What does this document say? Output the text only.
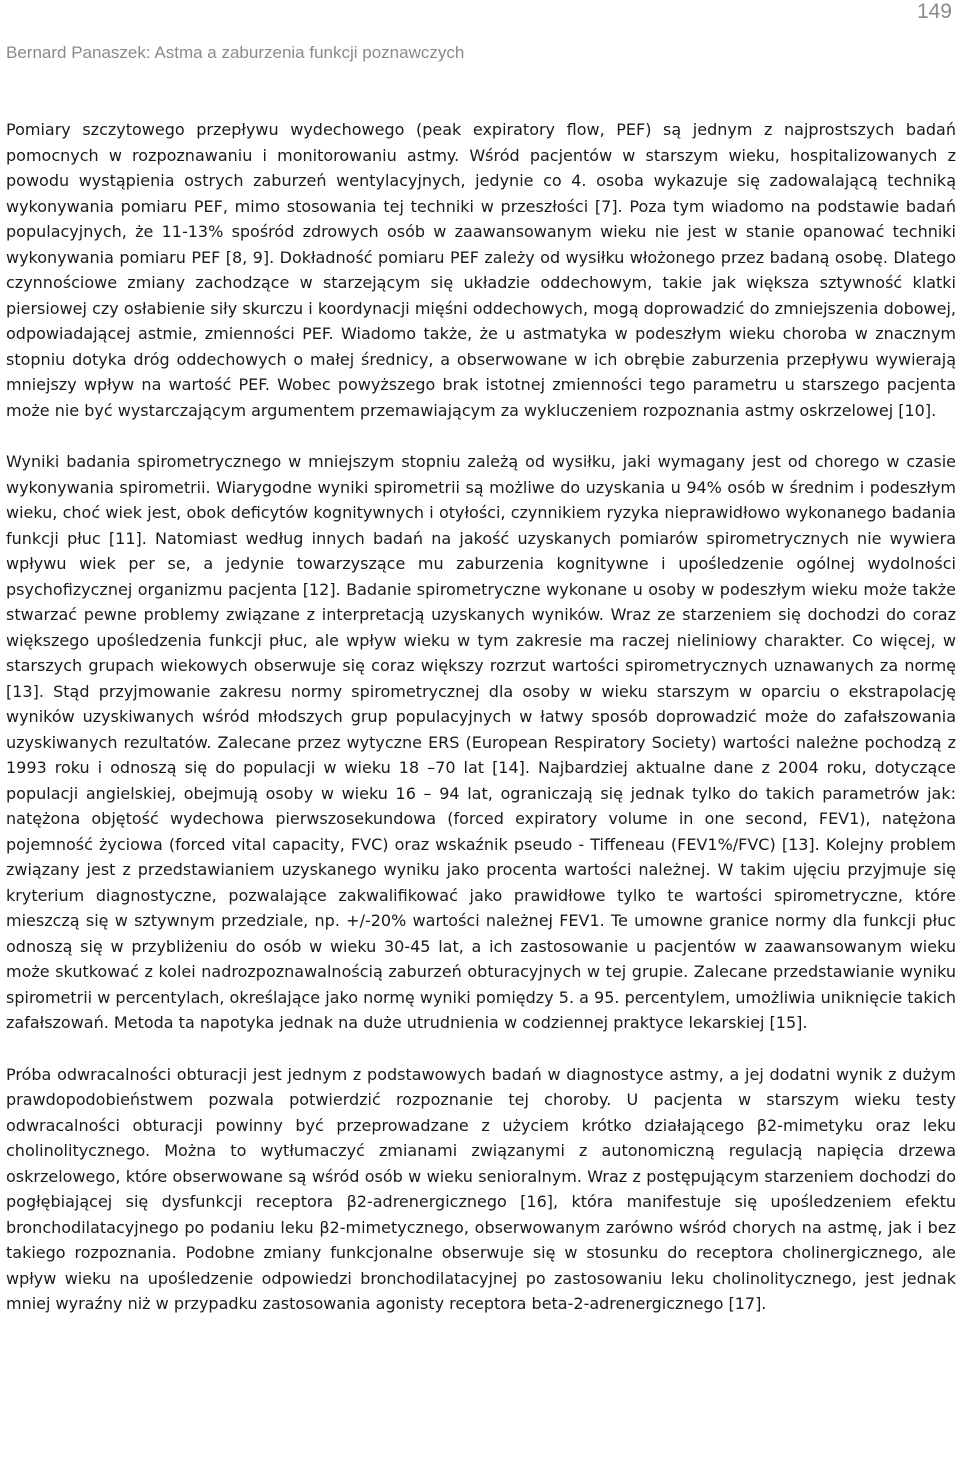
149
Bernard Panaszek: Astma a zaburzenia funkcji poznawczych

Pomiary szczytowego przepływu wydechowego (peak expiratory flow, PEF) są jednym z najprostszych badań pomocnych w rozpoznawaniu i monitorowaniu astmy. Wśród pacjentów w starszym wieku, hospitalizowanych z powodu wystąpienia ostrych zaburzeń wentylacyjnych, jedynie co 4. osoba wykazuje się zadowalającą techniką wykonywania pomiaru PEF, mimo stosowania tej techniki w przeszłości [7]. Poza tym wiadomo na podstawie badań populacyjnych, że 11-13% spośród zdrowych osób w zaawansowanym wieku nie jest w stanie opanować techniki wykonywania pomiaru PEF [8, 9]. Dokładność pomiaru PEF zależy od wysiłku włożonego przez badaną osobę. Dlatego czynnościowe zmiany zachodzące w starzejącym się układzie oddechowym, takie jak większa sztywność klatki piersiowej czy osłabienie siły skurczu i koordynacji mięśni oddechowych, mogą doprowadzić do zmniejszenia dobowej, odpowiadającej astmie, zmienności PEF. Wiadomo także, że u astmatyka w podeszłym wieku choroba w znacznym stopniu dotyka dróg oddechowych o małej średnicy, a obserwowane w ich obrębie zaburzenia przepływu wywierają mniejszy wpływ na wartość PEF. Wobec powyższego brak istotnej zmienności tego parametru u starszego pacjenta może nie być wystarczającym argumentem przemawiającym za wykluczeniem rozpoznania astmy oskrzelowej [10].

Wyniki badania spirometrycznego w mniejszym stopniu zależą od wysiłku, jaki wymagany jest od chorego w czasie wykonywania spirometrii. Wiarygodne wyniki spirometrii są możliwe do uzyskania u 94% osób w średnim i podeszłym wieku, choć wiek jest, obok deficytów kognitywnych i otyłości, czynnikiem ryzyka nieprawidłowo wykonanego badania funkcji płuc [11]. Natomiast według innych badań na jakość uzyskanych pomiarów spirometrycznych nie wywiera wpływu wiek per se, a jedynie towarzyszące mu zaburzenia kognitywne i upośledzenie ogólnej wydolności psychofizycznej organizmu pacjenta [12]. Badanie spirometryczne wykonane u osoby w podeszłym wieku może także stwarzać pewne problemy związane z interpretacją uzyskanych wyników. Wraz ze starzeniem się dochodzi do coraz większego upośledzenia funkcji płuc, ale wpływ wieku w tym zakresie ma raczej nieliniowy charakter. Co więcej, w starszych grupach wiekowych obserwuje się coraz większy rozrzut wartości spirometrycznych uznawanych za normę [13]. Stąd przyjmowanie zakresu normy spirometrycznej dla osoby w wieku starszym w oparciu o ekstrapolację wyników uzyskiwanych wśród młodszych grup populacyjnych w łatwy sposób doprowadzić może do zafałszowania uzyskiwanych rezultatów. Zalecane przez wytyczne ERS (European Respiratory Society) wartości należne pochodzą z 1993 roku i odnoszą się do populacji w wieku 18 –70 lat [14]. Najbardziej aktualne dane z 2004 roku, dotyczące populacji angielskiej, obejmują osoby w wieku 16 – 94 lat, ograniczają się jednak tylko do takich parametrów jak: natężona objętość wydechowa pierwszosekundowa (forced expiratory volume in one second, FEV1), natężona pojemność życiowa (forced vital capacity, FVC) oraz wskaźnik pseudo - Tiffeneau (FEV1%/FVC) [13]. Kolejny problem związany jest z przedstawianiem uzyskanego wyniku jako procenta wartości należnej. W takim ujęciu przyjmuje się kryterium diagnostyczne, pozwalające zakwalifikować jako prawidłowe tylko te wartości spirometryczne, które mieszczą się w sztywnym przedziale, np. +/-20% wartości należnej FEV1. Te umowne granice normy dla funkcji płuc odnoszą się w przybliżeniu do osób w wieku 30-45 lat, a ich zastosowanie u pacjentów w zaawansowanym wieku może skutkować z kolei nadrozpoznawalnością zaburzeń obturacyjnych w tej grupie. Zalecane przedstawianie wyniku spirometrii w percentylach, określające jako normę wyniki pomiędzy 5. a 95. percentylem, umożliwia uniknięcie takich zafałszowań. Metoda ta napotyka jednak na duże utrudnienia w codziennej praktyce lekarskiej [15].

Próba odwracalności obturacji jest jednym z podstawowych badań w diagnostyce astmy, a jej dodatni wynik z dużym prawdopodobieństwem pozwala potwierdzić rozpoznanie tej choroby. U pacjenta w starszym wieku testy odwracalności obturacji powinny być przeprowadzane z użyciem krótko działającego β2-mimetyku oraz leku cholinolitycznego. Można to wytłumaczyć zmianami związanymi z autonomiczną regulacją napięcia drzewa oskrzelowego, które obserwowane są wśród osób w wieku senioralnym. Wraz z postępującym starzeniem dochodzi do pogłębiającej się dysfunkcji receptora β2-adrenergicznego [16], która manifestuje się upośledzeniem efektu bronchodilatacyjnego po podaniu leku β2-mimetycznego, obserwowanym zarówno wśród chorych na astmę, jak i bez takiego rozpoznania. Podobne zmiany funkcjonalne obserwuje się w stosunku do receptora cholinergicznego, ale wpływ wieku na upośledzenie odpowiedzi bronchodilatacyjnej po zastosowaniu leku cholinolitycznego, jest jednak mniej wyraźny niż w przypadku zastosowania agonisty receptora beta-2-adrenergicznego [17].
